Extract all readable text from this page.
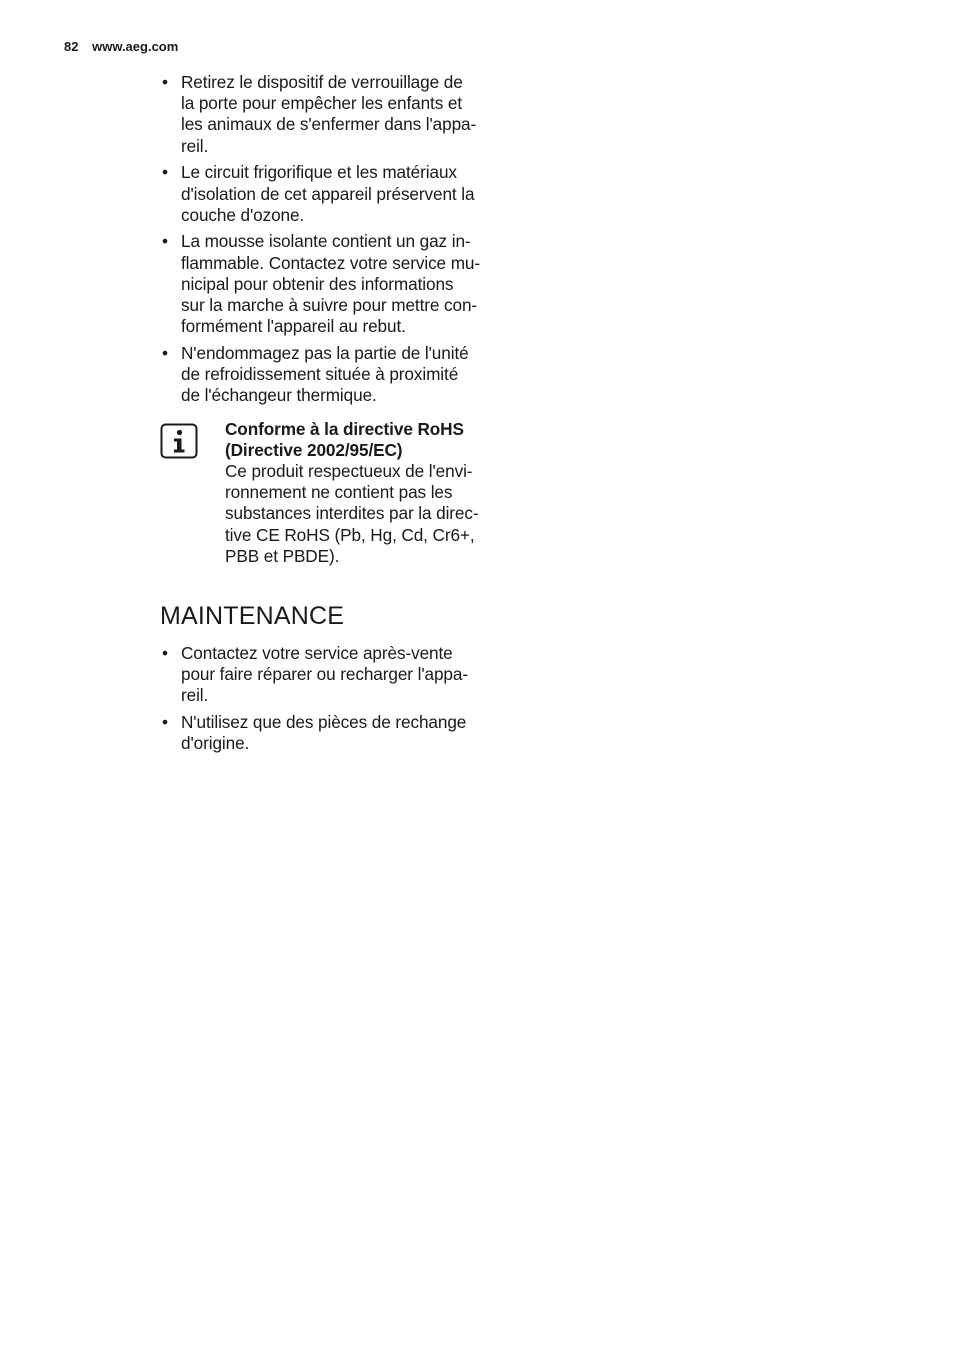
82 www.aeg.com
• Retirez le dispositif de verrouillage de
la porte pour empêcher les enfants et
les animaux de s'enfermer dans l'appa-
reil.
• Le circuit frigorifique et les matériaux
d'isolation de cet appareil préservent la
couche d'ozone.
• La mousse isolante contient un gaz in-
flammable. Contactez votre service mu-
nicipal pour obtenir des informations
sur la marche à suivre pour mettre con-
formément l'appareil au rebut.
• N'endommagez pas la partie de l'unité
de refroidissement située à proximité
de l'échangeur thermique.
Conforme à la directive RoHS
(Directive 2002/95/EC)
Ce produit respectueux de l'envi-
ronnement ne contient pas les
substances interdites par la direc-
tive CE RoHS (Pb, Hg, Cd, Cr6+,
PBB et PBDE).
MAINTENANCE
• Contactez votre service après-vente
pour faire réparer ou recharger l'appa-
reil.
• N'utilisez que des pièces de rechange
d'origine.
